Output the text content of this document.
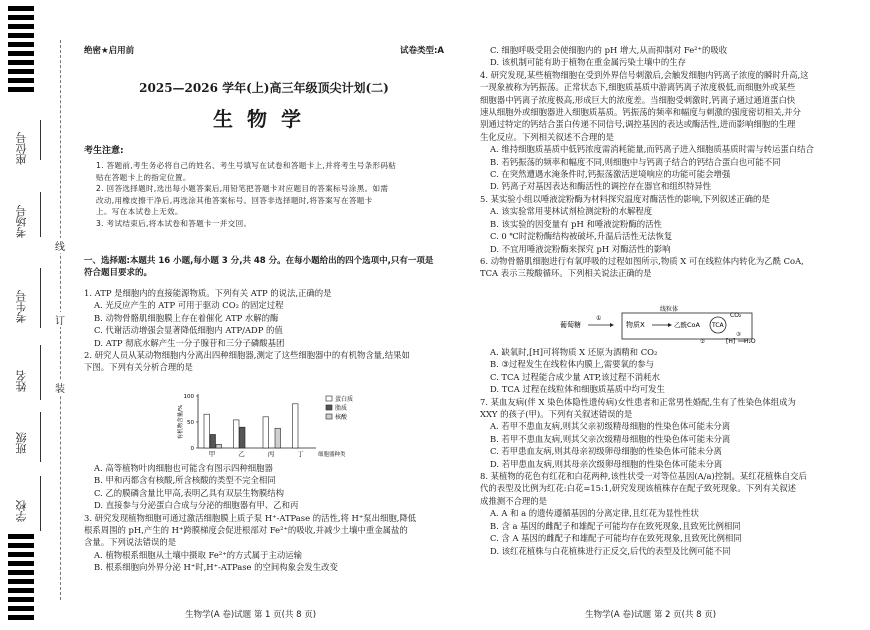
座位号
考场号
考生号
姓名
班级
学校
线
订
装
绝密★启用前	试卷类型:A
2025—2026 学年(上)高三年级顶尖计划(二)
生物学
考生注意:

1. 答题前,考生务必将自己的姓名、考生号填写在试卷和答题卡上,并将考生号条形码粘

贴在答题卡上的指定位置。

2. 回答选择题时,选出每小题答案后,用铅笔把答题卡对应题目的答案标号涂黑。如需

改动,用橡皮擦干净后,再选涂其他答案标号。回答非选择题时,将答案写在答题卡

上。写在本试卷上无效。

3. 考试结束后,将本试卷和答题卡一并交回。

一、选择题:本题共 16 小题,每小题 3 分,共 48 分。在每小题给出的四个选项中,只有一项是

符合题目要求的。

1. ATP 是细胞内的直接能源物质。下列有关 ATP 的说法,正确的是

A. 光反应产生的 ATP 可用于驱动 CO₂ 的固定过程

B. 动物骨骼肌细胞膜上存在着催化 ATP 水解的酶

C. 代谢活动增强会显著降低细胞内 ATP/ADP 的值

D. ATP 彻底水解产生一分子腺苷和三分子磷酸基团

2. 研究人员从某动物细胞内分离出四种细胞器,测定了这些细胞器中的有机物含量,结果如

下图。下列有关分析合理的是

0
50
100
有机物含量/%
甲	乙	丙	丁	细胞器种类
蛋白质
脂质
核酸

A. 高等植物叶肉细胞也可能含有图示四种细胞器

B. 甲和丙都含有核酸,所含核酸的类型不完全相同

C. 乙的膜磷含量比甲高,表明乙具有双层生物膜结构

D. 直接参与分泌蛋白合成与分泌的细胞器有甲、乙和丙

3. 研究发现植物细胞可通过激活细胞膜上质子泵 H⁺-ATPase 的活性,将 H⁺泵出细胞,降低

根系周围的 pH,产生的 H⁺跨膜梯度会促进根部对 Fe²⁺的吸收,并减少土壤中重金属盐的

含量。下列说法错误的是

A. 植物根系细胞从土壤中摄取 Fe²⁺的方式属于主动运输

B. 根系细胞向外界分泌 H⁺时,H⁺-ATPase 的空间构象会发生改变

C. 细胞呼吸受阻会使细胞内的 pH 增大,从而抑制对 Fe²⁺的吸收

D. 该机制可能有助于植物在重金属污染土壤中的生存

4. 研究发现,某些植物细胞在受到外界信号刺激后,会触发细胞内钙离子浓度的瞬时升高,这

一现象被称为钙振荡。正常状态下,细胞质基质中游离钙离子浓度极低,而细胞外或某些

细胞器中钙离子浓度极高,形成巨大的浓度差。当细胞受刺激时,钙离子通过通道蛋白快

速从细胞外或细胞器进入细胞质基质。钙振荡的频率和幅度与刺激的强度密切相关,并分

别通过特定的钙结合蛋白传递不同信号,调控基因的表达或酶活性,进而影响细胞的生理

生化反应。下列相关叙述不合理的是

A. 维持细胞质基质中低钙浓度需消耗能量,而钙离子进入细胞质基质时需与转运蛋白结合

B. 若钙振荡的频率和幅度不同,则细胞中与钙离子结合的钙结合蛋白也可能不同

C. 在突然遭遇水淹条件时,钙振荡激活逆境响应的功能可能会增强

D. 钙离子对基因表达和酶活性的调控存在器官和组织特异性

5. 某实验小组以唾液淀粉酶为材料探究温度对酶活性的影响,下列叙述正确的是

A. 该实验常用斐林试剂检测淀粉的水解程度

B. 该实验的因变量有 pH 和唾液淀粉酶的活性

C. 0 ℃时淀粉酶结构被破坏,升温后活性无法恢复

D. 不宜用唾液淀粉酶来探究 pH 对酶活性的影响

6. 动物骨骼肌细胞进行有氧呼吸的过程如图所示,物质 X 可在线粒体内转化为乙酰 CoA,

TCA 表示三羧酸循环。下列相关说法正确的是

葡萄糖
①
线粒体
物质X	乙酰CoA TCA
CO₂
[H]
③
②	H₂O

A. 缺氧时,[H]可将物质 X 还原为酒精和 CO₂

B. ③过程发生在线粒体内膜上,需要氧的参与

C. TCA 过程能合成少量 ATP,该过程不消耗水

D. TCA 过程在线粒体和细胞质基质中均可发生

7. 某血友病(伴 X 染色体隐性遗传病)女性患者和正常男性婚配,生有了性染色体组成为

XXY 的孩子(甲)。下列有关叙述错误的是

A. 若甲不患血友病,则其父亲初级精母细胞的性染色体可能未分离

B. 若甲不患血友病,则其父亲次级精母细胞的性染色体可能未分离

C. 若甲患血友病,则其母亲初级卵母细胞的性染色体可能未分离

D. 若甲患血友病,则其母亲次级卵母细胞的性染色体可能未分离

8. 某植物的花色有红花和白花两种,该性状受一对等位基因(A/a)控制。某红花植株自交后

代的表型及比例为红花:白花=15:1,研究发现该植株存在配子致死现象。下列有关叙述

成推测不合理的是

A. A 和 a 的遗传遵循基因的分离定律,且红花为显性性状

B. 含 a 基因的雌配子和雄配子可能均存在致死现象,且致死比例相同

C. 含 A 基因的雌配子和雄配子可能均存在致死现象,且致死比例相同

D. 该红花植株与白花植株进行正反交,后代的表型及比例可能不同

生物学(A 卷)试题 第 1 页(共 8 页)	生物学(A 卷)试题 第 2 页(共 8 页)
